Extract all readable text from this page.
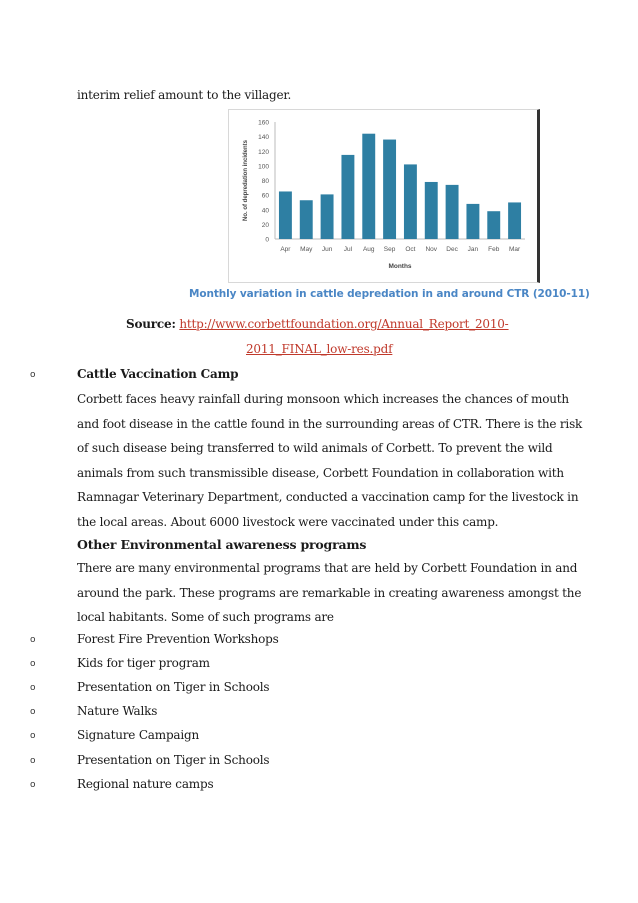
interim relief amount to the villager.
0
20
40
60
80
100
120
140
160
Apr May Jun Jul Aug Sep Oct Nov Dec Jan Feb Mar
Months
No. of depredation incidents
Monthly variation in cattle depredation in and around CTR (2010-11)
Source: http://www.corbettfoundation.org/Annual_Report_2010-
2011_FINAL_low-res.pdf
o	Cattle Vaccination Camp
Corbett faces heavy rainfall during monsoon which increases the chances of mouth
and foot disease in the cattle found in the surrounding areas of CTR. There is the risk
of such disease being transferred to wild animals of Corbett. To prevent the wild
animals from such transmissible disease, Corbett Foundation in collaboration with
Ramnagar Veterinary Department, conducted a vaccination camp for the livestock in
the local areas. About 6000 livestock were vaccinated under this camp.
Other Environmental awareness programs
There are many environmental programs that are held by Corbett Foundation in and
around the park. These programs are remarkable in creating awareness amongst the
local habitants. Some of such programs are
o	Forest Fire Prevention Workshops
o	Kids for tiger program
o	Presentation on Tiger in Schools
o	Nature Walks
o	Signature Campaign
o	Presentation on Tiger in Schools
o	Regional nature camps
